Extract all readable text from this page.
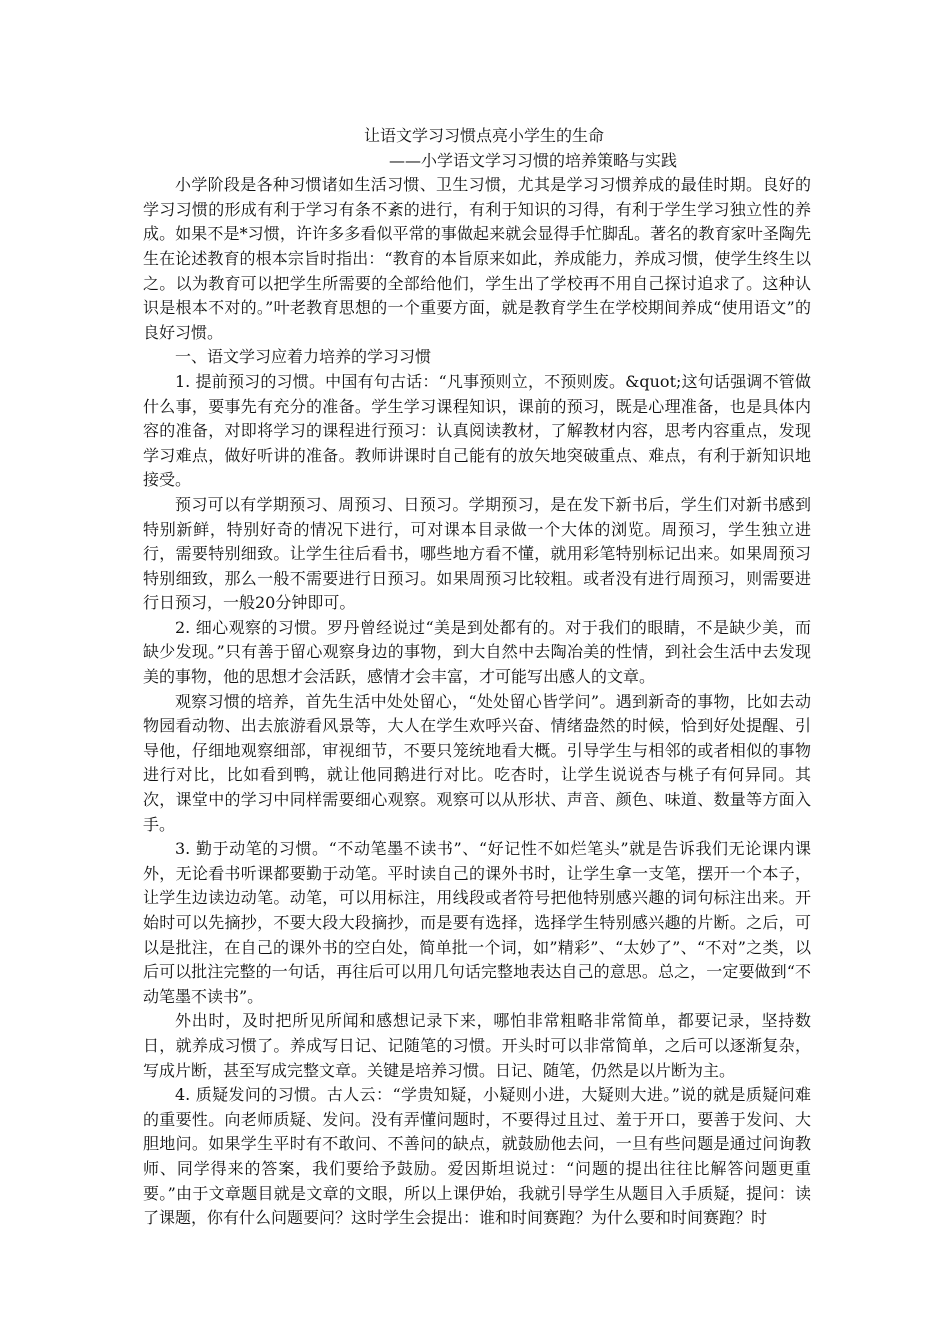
让语文学习习惯点亮小学生的生命

——小学语文学习习惯的培养策略与实践

小学阶段是各种习惯诸如生活习惯、卫生习惯，尤其是学习习惯养成的最佳时期。良好的学习习惯的形成有利于学习有条不紊的进行，有利于知识的习得，有利于学生学习独立性的养成。如果不是*习惯，许许多多看似平常的事做起来就会显得手忙脚乱。著名的教育家叶圣陶先生在论述教育的根本宗旨时指出：“教育的本旨原来如此，养成能力，养成习惯，使学生终生以之。以为教育可以把学生所需要的全部给他们，学生出了学校再不用自己探讨追求了。这种认识是根本不对的。”叶老教育思想的一个重要方面，就是教育学生在学校期间养成“使用语文”的良好习惯。

一、语文学习应着力培养的学习习惯

1. 提前预习的习惯。中国有句古话：“凡事预则立，不预则废。&quot;这句话强调不管做什么事，要事先有充分的准备。学生学习课程知识，课前的预习，既是心理准备，也是具体内容的准备，对即将学习的课程进行预习：认真阅读教材，了解教材内容，思考内容重点，发现学习难点，做好听讲的准备。教师讲课时自己能有的放矢地突破重点、难点，有利于新知识地接受。

预习可以有学期预习、周预习、日预习。学期预习，是在发下新书后，学生们对新书感到特别新鲜，特别好奇的情况下进行，可对课本目录做一个大体的浏览。周预习，学生独立进行，需要特别细致。让学生往后看书，哪些地方看不懂，就用彩笔特别标记出来。如果周预习特别细致，那么一般不需要进行日预习。如果周预习比较粗。或者没有进行周预习，则需要进行日预习，一般20分钟即可。

2. 细心观察的习惯。罗丹曾经说过“美是到处都有的。对于我们的眼睛，不是缺少美，而缺少发现。”只有善于留心观察身边的事物，到大自然中去陶冶美的性情，到社会生活中去发现美的事物，他的思想才会活跃，感情才会丰富，才可能写出感人的文章。

观察习惯的培养，首先生活中处处留心，“处处留心皆学问”。遇到新奇的事物，比如去动物园看动物、出去旅游看风景等，大人在学生欢呼兴奋、情绪盎然的时候，恰到好处提醒、引导他，仔细地观察细部，审视细节，不要只笼统地看大概。引导学生与相邻的或者相似的事物进行对比，比如看到鸭，就让他同鹅进行对比。吃杏时，让学生说说杏与桃子有何异同。其次，课堂中的学习中同样需要细心观察。观察可以从形状、声音、颜色、味道、数量等方面入手。

3. 勤于动笔的习惯。“不动笔墨不读书”、“好记性不如烂笔头”就是告诉我们无论课内课外，无论看书听课都要勤于动笔。平时读自己的课外书时，让学生拿一支笔，摆开一个本子，让学生边读边动笔。动笔，可以用标注，用线段或者符号把他特别感兴趣的词句标注出来。开始时可以先摘抄，不要大段大段摘抄，而是要有选择，选择学生特别感兴趣的片断。之后，可以是批注，在自己的课外书的空白处，简单批一个词，如”精彩”、“太妙了”、“不对”之类，以后可以批注完整的一句话，再往后可以用几句话完整地表达自己的意思。总之，一定要做到“不动笔墨不读书”。

外出时，及时把所见所闻和感想记录下来，哪怕非常粗略非常简单，都要记录，坚持数日，就养成习惯了。养成写日记、记随笔的习惯。开头时可以非常简单，之后可以逐渐复杂，写成片断，甚至写成完整文章。关键是培养习惯。日记、随笔，仍然是以片断为主。

4. 质疑发问的习惯。古人云：“学贵知疑，小疑则小进，大疑则大进。”说的就是质疑问难的重要性。向老师质疑、发问。没有弄懂问题时，不要得过且过、羞于开口，要善于发问、大胆地问。如果学生平时有不敢问、不善问的缺点，就鼓励他去问，一旦有些问题是通过问询教师、同学得来的答案，我们要给予鼓励。爱因斯坦说过：“问题的提出往往比解答问题更重要。”由于文章题目就是文章的文眼，所以上课伊始，我就引导学生从题目入手质疑，提问：读了课题，你有什么问题要问？这时学生会提出：谁和时间赛跑？为什么要和时间赛跑？时
